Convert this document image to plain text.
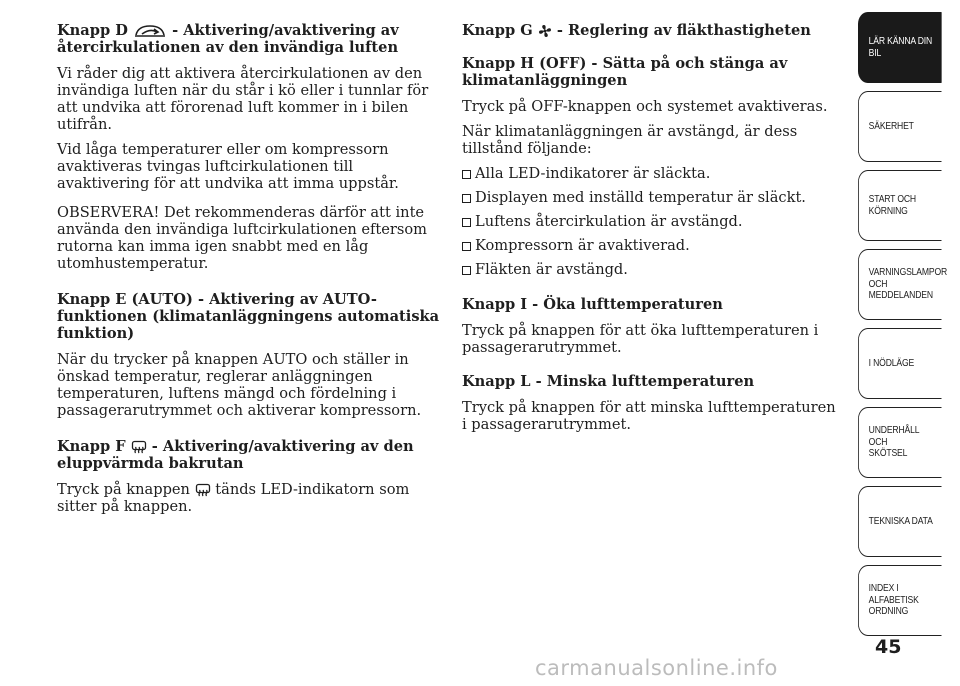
Knapp D	- Aktivering/avaktivering av återcirkulationen av den invändiga luften

Vi råder dig att aktivera återcirkulationen av den invändiga luften när du står i kö eller i tunnlar för att undvika att förorenad luft kommer in i bilen utifrån.

Vid låga temperaturer eller om kompressorn avaktiveras tvingas luftcirkulationen till avaktivering för att undvika att imma uppstår.

OBSERVERA! Det rekommenderas därför att inte använda den invändiga luftcirkulationen eftersom rutorna kan imma igen snabbt med en låg utomhustemperatur.

Knapp E (AUTO) - Aktivering av AUTO-funktionen (klimatanläggningens automatiska funktion)

När du trycker på knappen AUTO och ställer in önskad temperatur, reglerar anläggningen temperaturen, luftens mängd och fördelning i passagerarutrymmet och aktiverar kompressorn.

Knapp F - Aktivering/avaktivering av den eluppvärmda bakrutan

Tryck på knappen tänds LED-indikatorn som sitter på knappen.

Knapp G - Reglering av fläkthastigheten
Knapp H (OFF) - Sätta på och stänga av klimatanläggningen

Tryck på OFF-knappen och systemet avaktiveras.

När klimatanläggningen är avstängd, är dess tillstånd följande:

Alla LED-indikatorer är släckta.
Displayen med inställd temperatur är släckt.
Luftens återcirkulation är avstängd.
Kompressorn är avaktiverad.
Fläkten är avstängd.
Knapp I - Öka lufttemperaturen

Tryck på knappen för att öka lufttemperaturen i passagerarutrymmet.

Knapp L - Minska lufttemperaturen

Tryck på knappen för att minska lufttemperaturen i passagerarutrymmet.

LÄR KÄNNA DIN
BIL
SÄKERHET
START OCH
KÖRNING
VARNINGSLAMPOR
OCH
MEDDELANDEN
I NÖDLÄGE
UNDERHÅLL OCH
SKÖTSEL
TEKNISKA DATA
INDEX I
ALFABETISK
ORDNING
45
carmanualsonline.info
